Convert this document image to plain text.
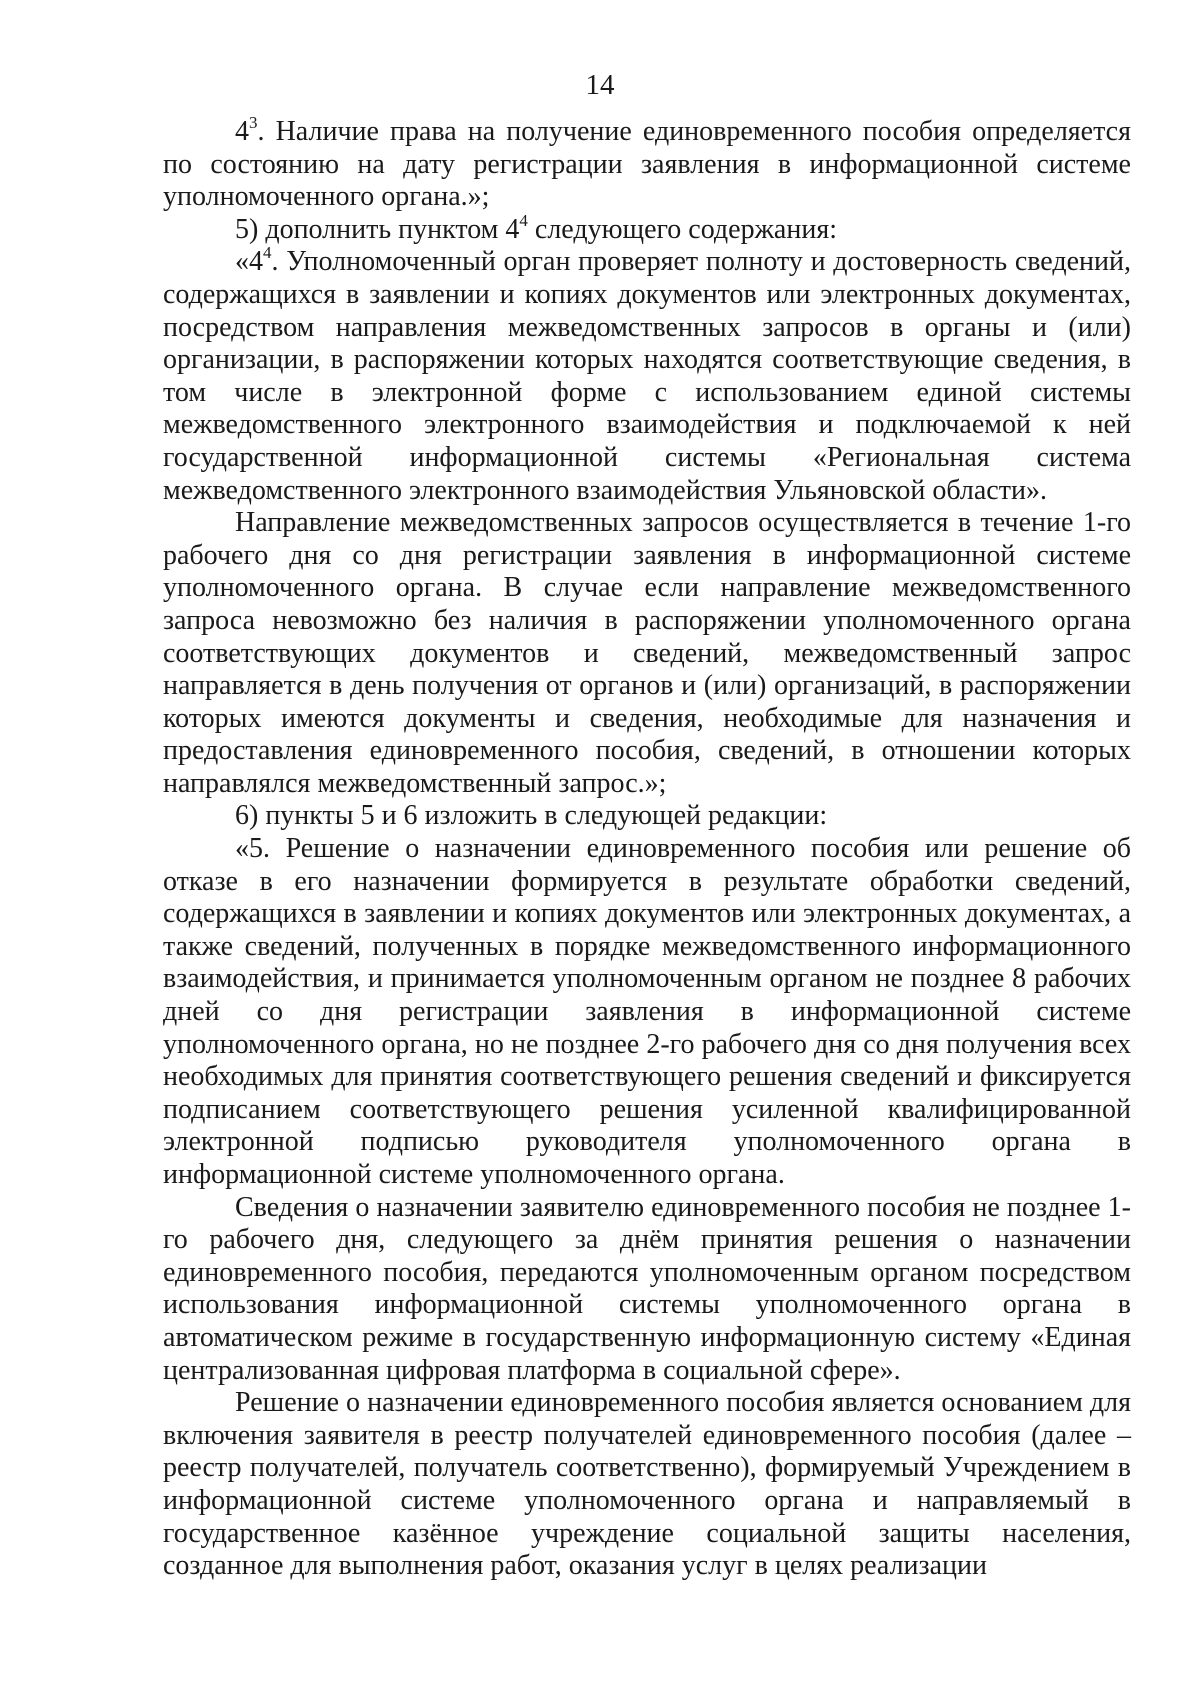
14

$4^3$. Наличие права на получение единовременного пособия определяется по состоянию на дату регистрации заявления в информационной системе уполномоченного органа.»;

5) дополнить пунктом $4^4$ следующего содержания:

«$4^4$. Уполномоченный орган проверяет полноту и достоверность сведений, содержащихся в заявлении и копиях документов или электронных документах, посредством направления межведомственных запросов в органы и (или) организации, в распоряжении которых находятся соответствующие сведения, в том числе в электронной форме с использованием единой системы межведомственного электронного взаимодействия и подключаемой к ней государственной информационной системы «Региональная система межведомственного электронного взаимодействия Ульяновской области».

Направление межведомственных запросов осуществляется в течение 1-го рабочего дня со дня регистрации заявления в информационной системе уполномоченного органа. В случае если направление межведомственного запроса невозможно без наличия в распоряжении уполномоченного органа соответствующих документов и сведений, межведомственный запрос направляется в день получения от органов и (или) организаций, в распоряжении которых имеются документы и сведения, необходимые для назначения и предоставления единовременного пособия, сведений, в отношении которых направлялся межведомственный запрос.»;

6) пункты 5 и 6 изложить в следующей редакции:

«5. Решение о назначении единовременного пособия или решение об отказе в его назначении формируется в результате обработки сведений, содержащихся в заявлении и копиях документов или электронных документах, а также сведений, полученных в порядке межведомственного информационного взаимодействия, и принимается уполномоченным органом не позднее 8 рабочих дней со дня регистрации заявления в информационной системе уполномоченного органа, но не позднее 2-го рабочего дня со дня получения всех необходимых для принятия соответствующего решения сведений и фиксируется подписанием соответствующего решения усиленной квалифицированной электронной подписью руководителя уполномоченного органа в информационной системе уполномоченного органа.

Сведения о назначении заявителю единовременного пособия не позднее 1-го рабочего дня, следующего за днём принятия решения о назначении единовременного пособия, передаются уполномоченным органом посредством использования информационной системы уполномоченного органа в автоматическом режиме в государственную информационную систему «Единая централизованная цифровая платформа в социальной сфере».

Решение о назначении единовременного пособия является основанием для включения заявителя в реестр получателей единовременного пособия (далее – реестр получателей, получатель соответственно), формируемый Учреждением в информационной системе уполномоченного органа и направляемый в государственное казённое учреждение социальной защиты населения, созданное для выполнения работ, оказания услуг в целях реализации
